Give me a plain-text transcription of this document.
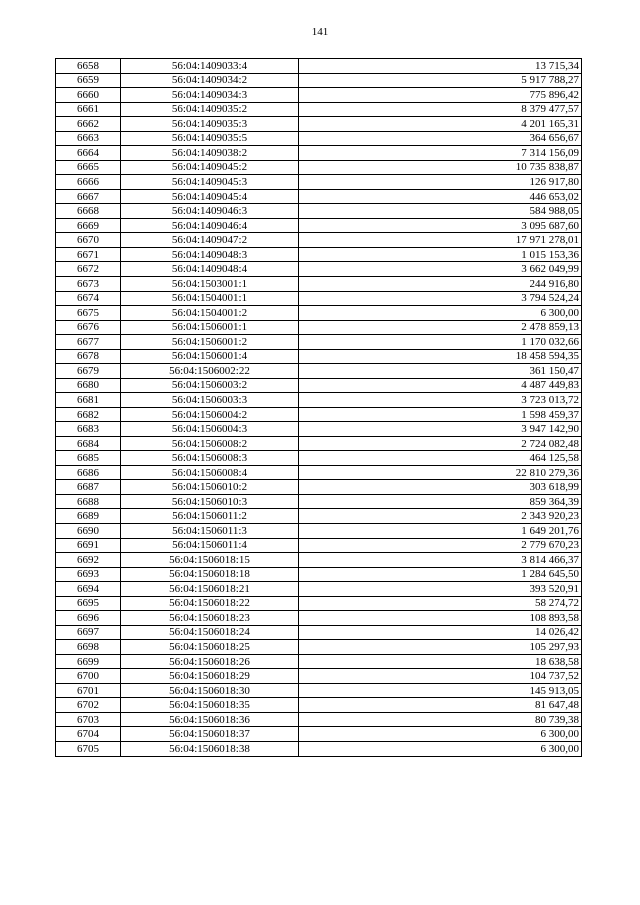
141
6658	56:04:1409033:4	13 715,34
6659	56:04:1409034:2	5 917 788,27
6660	56:04:1409034:3	775 896,42
6661	56:04:1409035:2	8 379 477,57
6662	56:04:1409035:3	4 201 165,31
6663	56:04:1409035:5	364 656,67
6664	56:04:1409038:2	7 314 156,09
6665	56:04:1409045:2	10 735 838,87
6666	56:04:1409045:3	126 917,80
6667	56:04:1409045:4	446 653,02
6668	56:04:1409046:3	584 988,05
6669	56:04:1409046:4	3 095 687,60
6670	56:04:1409047:2	17 971 278,01
6671	56:04:1409048:3	1 015 153,36
6672	56:04:1409048:4	3 662 049,99
6673	56:04:1503001:1	244 916,80
6674	56:04:1504001:1	3 794 524,24
6675	56:04:1504001:2	6 300,00
6676	56:04:1506001:1	2 478 859,13
6677	56:04:1506001:2	1 170 032,66
6678	56:04:1506001:4	18 458 594,35
6679	56:04:1506002:22	361 150,47
6680	56:04:1506003:2	4 487 449,83
6681	56:04:1506003:3	3 723 013,72
6682	56:04:1506004:2	1 598 459,37
6683	56:04:1506004:3	3 947 142,90
6684	56:04:1506008:2	2 724 082,48
6685	56:04:1506008:3	464 125,58
6686	56:04:1506008:4	22 810 279,36
6687	56:04:1506010:2	303 618,99
6688	56:04:1506010:3	859 364,39
6689	56:04:1506011:2	2 343 920,23
6690	56:04:1506011:3	1 649 201,76
6691	56:04:1506011:4	2 779 670,23
6692	56:04:1506018:15	3 814 466,37
6693	56:04:1506018:18	1 284 645,50
6694	56:04:1506018:21	393 520,91
6695	56:04:1506018:22	58 274,72
6696	56:04:1506018:23	108 893,58
6697	56:04:1506018:24	14 026,42
6698	56:04:1506018:25	105 297,93
6699	56:04:1506018:26	18 638,58
6700	56:04:1506018:29	104 737,52
6701	56:04:1506018:30	145 913,05
6702	56:04:1506018:35	81 647,48
6703	56:04:1506018:36	80 739,38
6704	56:04:1506018:37	6 300,00
6705	56:04:1506018:38	6 300,00
